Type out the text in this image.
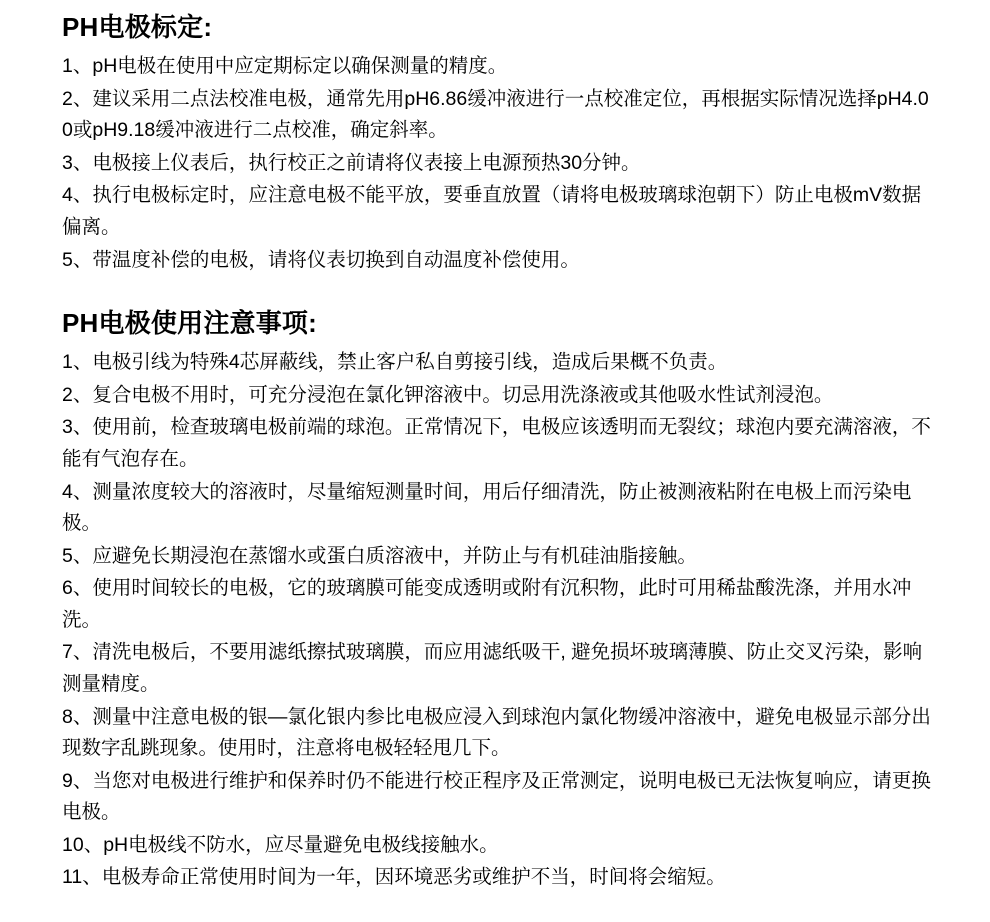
PH电极标定:

1、pH电极在使用中应定期标定以确保测量的精度。

2、建议采用二点法校准电极，通常先用pH6.86缓冲液进行一点校准定位，再根据实际情况选择pH4.00或pH9.18缓冲液进行二点校准，确定斜率。

3、电极接上仪表后，执行校正之前请将仪表接上电源预热30分钟。

4、执行电极标定时，应注意电极不能平放，要垂直放置（请将电极玻璃球泡朝下）防止电极mV数据偏离。

5、带温度补偿的电极，请将仪表切换到自动温度补偿使用。

PH电极使用注意事项:

1、电极引线为特殊4芯屏蔽线，禁止客户私自剪接引线，造成后果概不负责。

2、复合电极不用时，可充分浸泡在氯化钾溶液中。切忌用洗涤液或其他吸水性试剂浸泡。

3、使用前，检查玻璃电极前端的球泡。正常情况下，电极应该透明而无裂纹；球泡内要充满溶液，不能有气泡存在。

4、测量浓度较大的溶液时，尽量缩短测量时间，用后仔细清洗，防止被测液粘附在电极上而污染电极。

5、应避免长期浸泡在蒸馏水或蛋白质溶液中，并防止与有机硅油脂接触。

6、使用时间较长的电极，它的玻璃膜可能变成透明或附有沉积物，此时可用稀盐酸洗涤，并用水冲洗。

7、清洗电极后，不要用滤纸擦拭玻璃膜，而应用滤纸吸干, 避免损坏玻璃薄膜、防止交叉污染，影响测量精度。

8、测量中注意电极的银—氯化银内参比电极应浸入到球泡内氯化物缓冲溶液中，避免电极显示部分出现数字乱跳现象。使用时，注意将电极轻轻甩几下。

9、当您对电极进行维护和保养时仍不能进行校正程序及正常测定，说明电极已无法恢复响应，请更换电极。

10、pH电极线不防水，应尽量避免电极线接触水。

11、电极寿命正常使用时间为一年，因环境恶劣或维护不当，时间将会缩短。
